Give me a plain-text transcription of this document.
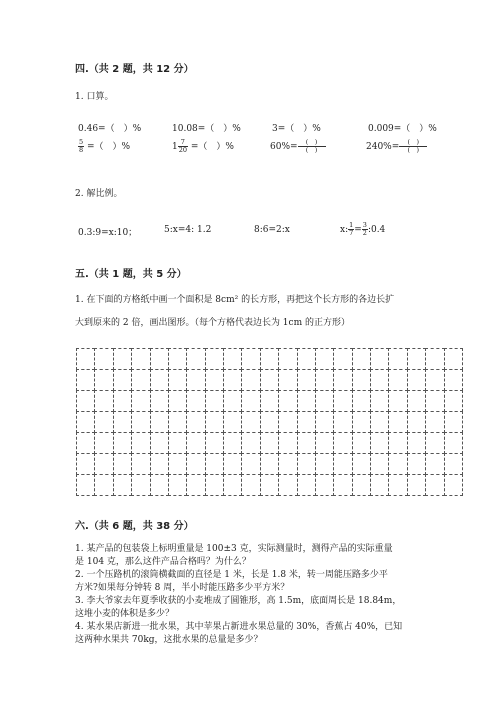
四.（共 2 题，共 12 分）
1. 口算。
0.46=（　）%	10.08=（　）%	3=（　）%	0.009=（　）%
$\frac{5}{8}$ =（　）%	$1 \frac{7}{20}$ =（　）%	$60\%= \frac{( )}{( )}$	$240\%= \frac{( )}{( )}$
2. 解比例。
0.3:9=x:10；	5:x=4: 1.2	8:6=2:x	x: $\frac{1}{7} = \frac{3}{2}$ :0.4
五.（共 1 题，共 5 分）
1. 在下面的方格纸中画一个面积是 8cm² 的长方形，再把这个长方形的各边长扩
大到原来的 2 倍，画出图形。（每个方格代表边长为 1cm 的正方形）
六.（共 6 题，共 38 分）
1. 某产品的包装袋上标明重量是 100±3 克，实际测量时，测得产品的实际重量
是 104 克，那么这件产品合格吗？为什么？
2. 一个压路机的滚筒横截面的直径是 1 米，长是 1.8 米，转一周能压路多少平
方米?如果每分钟转 8 周，半小时能压路多少平方米？
3. 李大爷家去年夏季收获的小麦堆成了圆锥形，高 1.5m，底面周长是 18.84m，
这堆小麦的体积是多少？
4. 某水果店新进一批水果，其中苹果占新进水果总量的 30%，香蕉占 40%，已知
这两种水果共 70kg，这批水果的总量是多少？
